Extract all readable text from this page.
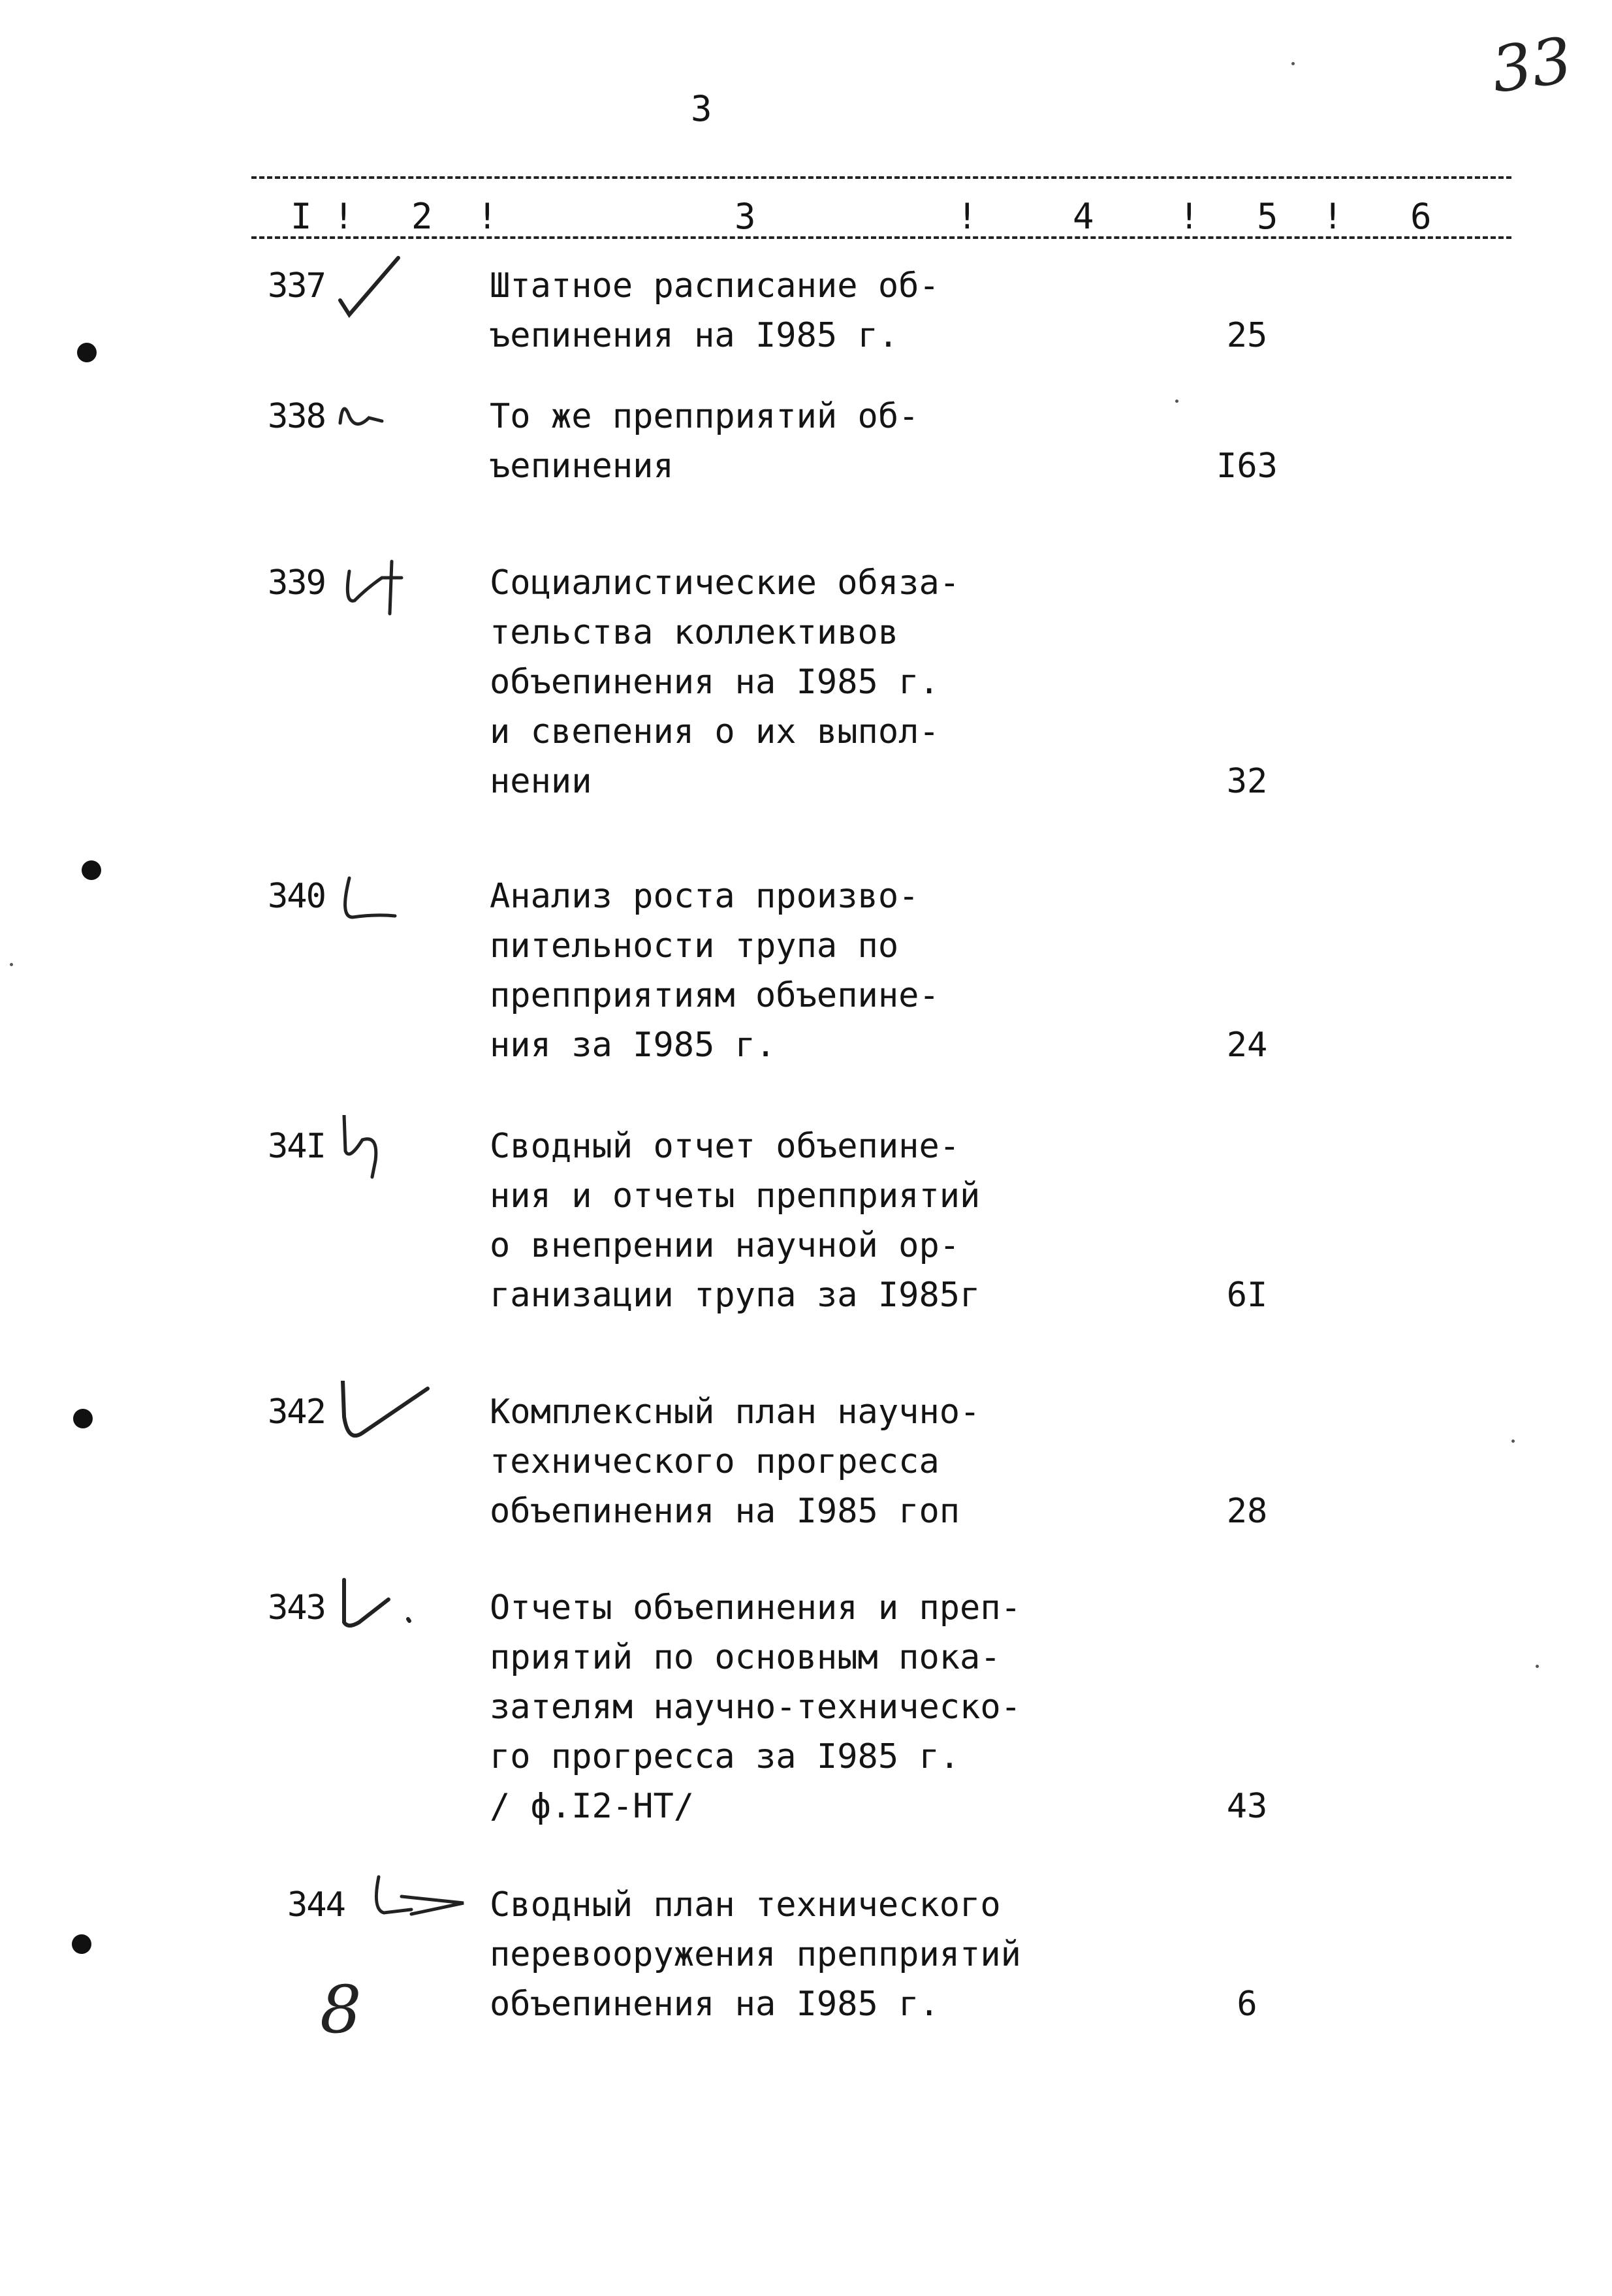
3
33
I ! 2 !	3	!	4 ! 5 ! 6
337	Штатное расписание об-
ъепинения на I985 г.	25
338	То же препприятий об-
ъепинения	I63
339	Социалистические обяза-
тельства коллективов
объепинения на I985 г.
и свепения о их выпол-
нении	32
340	Анализ роста произво-
пительности трупа по
препприятиям объепине-
ния за I985 г.	24
34I	Сводный отчет объепине-
ния и отчеты препприятий
о внепрении научной ор-
ганизации трупа за I985г	6I
342	Комплексный план научно-
технического прогресса
объепинения на I985 гоп	28
343	Отчеты объепинения и преп-
приятий по основным пока-
зателям научно-техническо-
го прогресса за I985 г.
/ ф.I2-НТ/	43
344	Сводный план технического
перевооружения препприятий
объепинения на I985 г.	6
8
